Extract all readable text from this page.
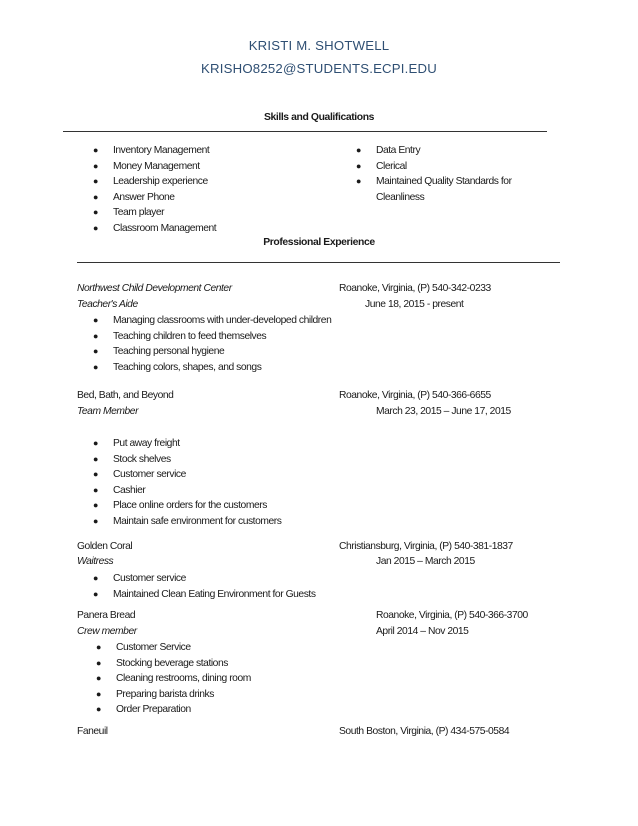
KRISTI M. SHOTWELL
KRISHO8252@STUDENTS.ECPI.EDU
Skills and Qualifications
●	Inventory Management
●	Money Management
●	Leadership experience
●	Answer Phone
●	Team player
●	Classroom Management
●	Data Entry
●	Clerical
●	Maintained Quality Standards for
Cleanliness
Professional Experience
Northwest Child Development Center	Roanoke, Virginia, (P) 540-342-0233
Teacher's Aide	June 18, 2015 - present
●	Managing classrooms with under-developed children
●	Teaching children to feed themselves
●	Teaching personal hygiene
●	Teaching colors, shapes, and songs
Bed, Bath, and Beyond	Roanoke, Virginia, (P) 540-366-6655
Team Member	March 23, 2015 – June 17, 2015
●	Put away freight
●	Stock shelves
●	Customer service
●	Cashier
●	Place online orders for the customers
●	Maintain safe environment for customers
Golden Coral	Christiansburg, Virginia, (P) 540-381-1837
Waitress	Jan 2015 – March 2015
●	Customer service
●	Maintained Clean Eating Environment for Guests
Panera Bread	Roanoke, Virginia, (P) 540-366-3700
Crew member	April 2014 – Nov 2015
●	Customer Service
●	Stocking beverage stations
●	Cleaning restrooms, dining room
●	Preparing barista drinks
●	Order Preparation
Faneuil	South Boston, Virginia, (P) 434-575-0584
